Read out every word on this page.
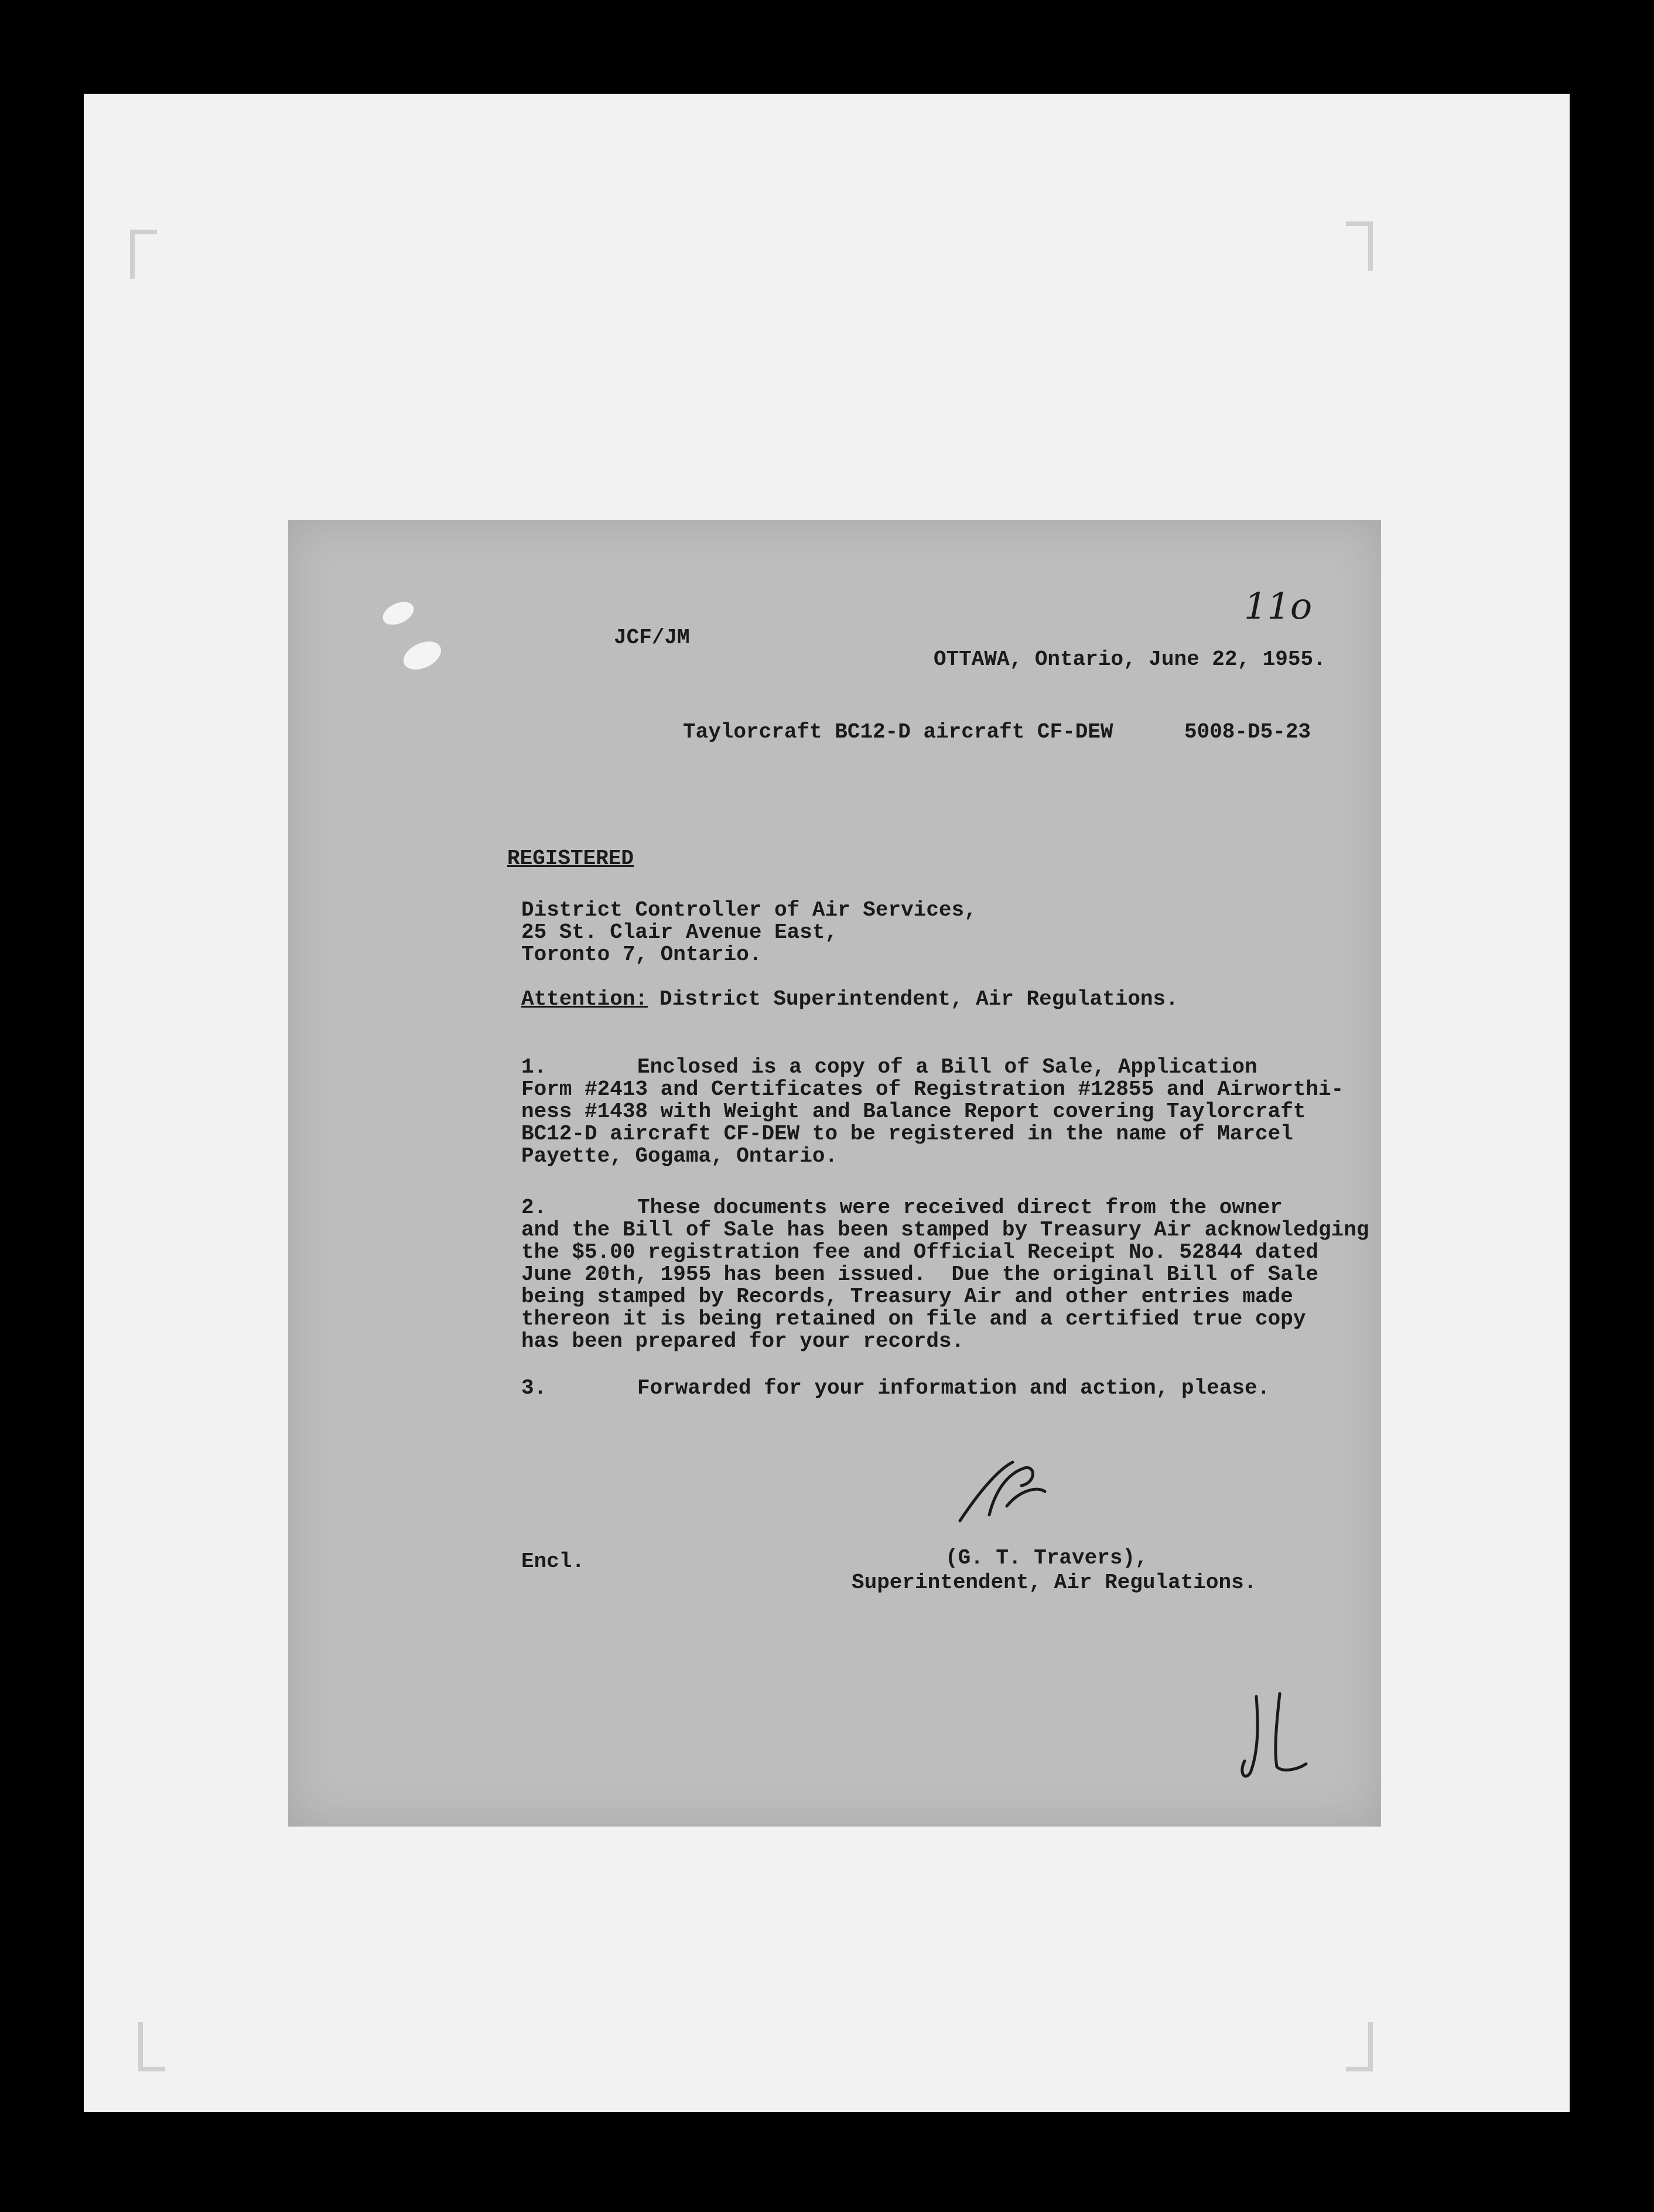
11o
JCF/JM
OTTAWA, Ontario, June 22, 1955.
Taylorcraft BC12-D aircraft CF-DEW	5008-D5-23
REGISTERED
District Controller of Air Services,
25 St. Clair Avenue East,
Toronto 7, Ontario.
Attention: District Superintendent, Air Regulations.
1.	Enclosed is a copy of a Bill of Sale, Application
Form #2413 and Certificates of Registration #12855 and Airworthi-
ness #1438 with Weight and Balance Report covering Taylorcraft
BC12-D aircraft CF-DEW to be registered in the name of Marcel
Payette, Gogama, Ontario.
2.	These documents were received direct from the owner
and the Bill of Sale has been stamped by Treasury Air acknowledging
the $5.00 registration fee and Official Receipt No. 52844 dated
June 20th, 1955 has been issued.  Due the original Bill of Sale
being stamped by Records, Treasury Air and other entries made
thereon it is being retained on file and a certified true copy
has been prepared for your records.
3.	Forwarded for your information and action, please.
Encl.	(G. T. Travers),
Superintendent, Air Regulations.
